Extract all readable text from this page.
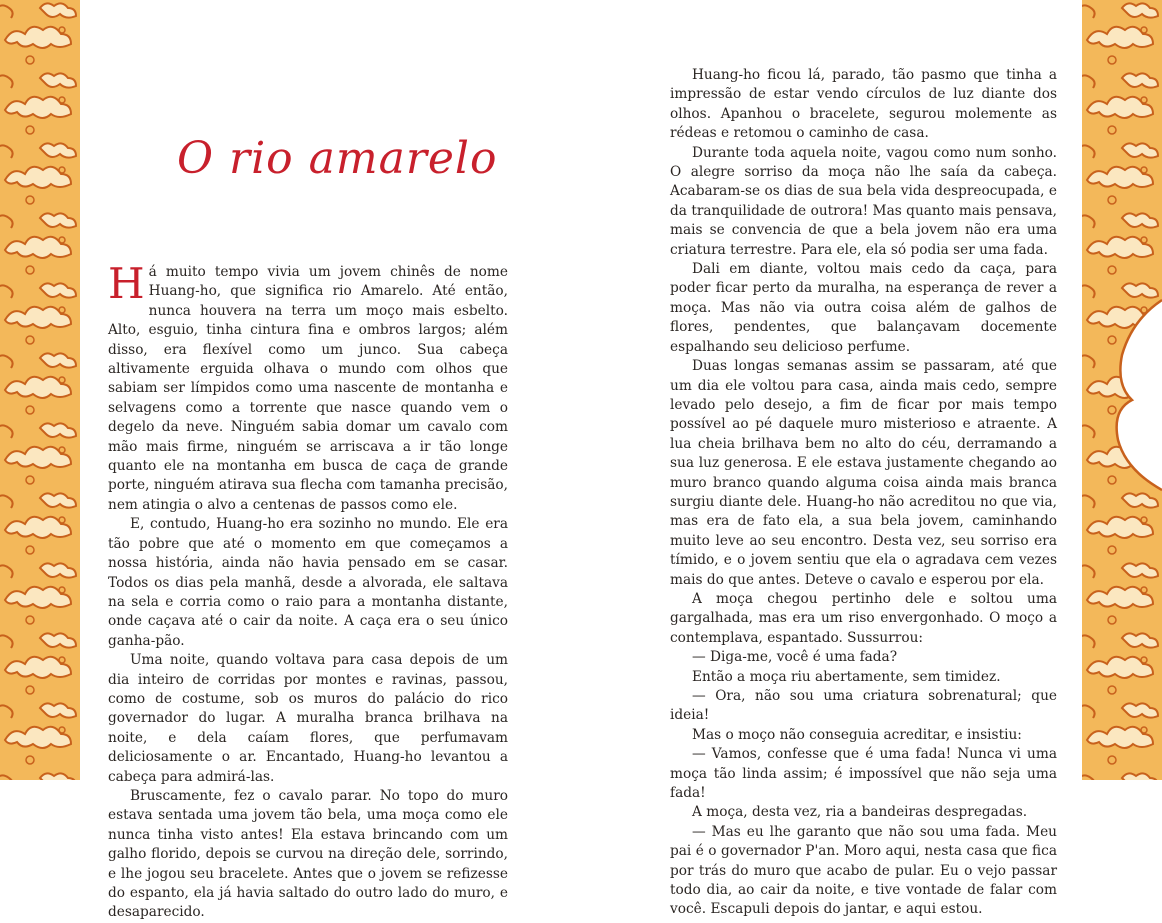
O rio amarelo

Há muito tempo vivia um jovem chinês de nome Huang-ho, que significa rio Amarelo. Até então, nunca houvera na terra um moço mais esbelto. Alto, esguio, tinha cintura fina e ombros largos; além disso, era flexível como um junco. Sua cabeça altivamente erguida olhava o mundo com olhos que sabiam ser límpidos como uma nascente de montanha e selvagens como a torrente que nasce quando vem o degelo da neve. Ninguém sabia domar um cavalo com mão mais firme, ninguém se arriscava a ir tão longe quanto ele na montanha em busca de caça de grande porte, ninguém atirava sua flecha com tamanha precisão, nem atingia o alvo a centenas de passos como ele.

E, contudo, Huang-ho era sozinho no mundo. Ele era tão pobre que até o momento em que começamos a nossa história, ainda não havia pensado em se casar. Todos os dias pela manhã, desde a alvorada, ele saltava na sela e corria como o raio para a montanha distante, onde caçava até o cair da noite. A caça era o seu único ganha-pão.

Uma noite, quando voltava para casa depois de um dia inteiro de corridas por montes e ravinas, passou, como de costume, sob os muros do palácio do rico governador do lugar. A muralha branca brilhava na noite, e dela caíam flores, que perfumavam deliciosamente o ar. Encantado, Huang-ho levantou a cabeça para admirá-las.

Bruscamente, fez o cavalo parar. No topo do muro estava sentada uma jovem tão bela, uma moça como ele nunca tinha visto antes! Ela estava brincando com um galho florido, depois se curvou na direção dele, sorrindo, e lhe jogou seu bracelete. Antes que o jovem se refizesse do espanto, ela já havia saltado do outro lado do muro, e desaparecido.

Huang-ho ficou lá, parado, tão pasmo que tinha a impressão de estar vendo círculos de luz diante dos olhos. Apanhou o bracelete, segurou molemente as rédeas e retomou o caminho de casa.

Durante toda aquela noite, vagou como num sonho. O alegre sorriso da moça não lhe saía da cabeça. Acabaram-se os dias de sua bela vida despreocupada, e da tranquilidade de outrora! Mas quanto mais pensava, mais se convencia de que a bela jovem não era uma criatura terrestre. Para ele, ela só podia ser uma fada.

Dali em diante, voltou mais cedo da caça, para poder ficar perto da muralha, na esperança de rever a moça. Mas não via outra coisa além de galhos de flores, pendentes, que balançavam docemente espalhando seu delicioso perfume.

Duas longas semanas assim se passaram, até que um dia ele voltou para casa, ainda mais cedo, sempre levado pelo desejo, a fim de ficar por mais tempo possível ao pé daquele muro misterioso e atraente. A lua cheia brilhava bem no alto do céu, derramando a sua luz generosa. E ele estava justamente chegando ao muro branco quando alguma coisa ainda mais branca surgiu diante dele. Huang-ho não acreditou no que via, mas era de fato ela, a sua bela jovem, caminhando muito leve ao seu encontro. Desta vez, seu sorriso era tímido, e o jovem sentiu que ela o agradava cem vezes mais do que antes. Deteve o cavalo e esperou por ela.

A moça chegou pertinho dele e soltou uma gargalhada, mas era um riso envergonhado. O moço a contemplava, espantado. Sussurrou:

— Diga-me, você é uma fada?

Então a moça riu abertamente, sem timidez.

— Ora, não sou uma criatura sobrenatural; que ideia!

Mas o moço não conseguia acreditar, e insistiu:

— Vamos, confesse que é uma fada! Nunca vi uma moça tão linda assim; é impossível que não seja uma fada!

A moça, desta vez, ria a bandeiras despregadas.

— Mas eu lhe garanto que não sou uma fada. Meu pai é o governador P'an. Moro aqui, nesta casa que fica por trás do muro que acabo de pular. Eu o vejo passar todo dia, ao cair da noite, e tive vontade de falar com você. Escapuli depois do jantar, e aqui estou.
